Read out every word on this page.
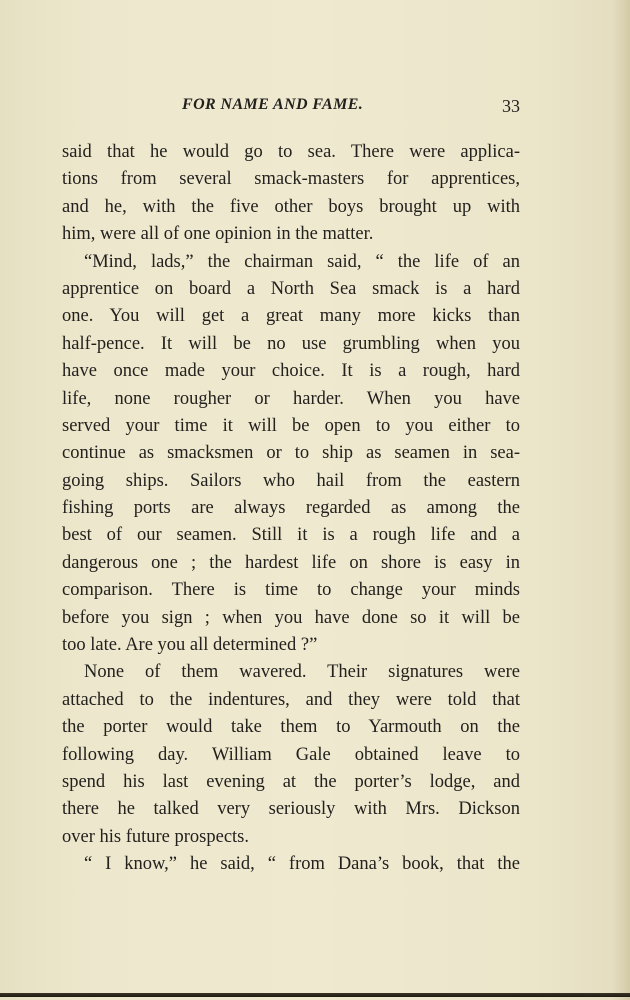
FOR NAME AND FAME.	33
said that he would go to sea. There were applica-
tions from several smack-masters for apprentices,
and he, with the five other boys brought up with
him, were all of one opinion in the matter.
“Mind, lads,” the chairman said, “ the life of an
apprentice on board a North Sea smack is a hard
one. You will get a great many more kicks than
half-pence. It will be no use grumbling when you
have once made your choice. It is a rough, hard
life, none rougher or harder. When you have
served your time it will be open to you either to
continue as smacksmen or to ship as seamen in sea-
going ships. Sailors who hail from the eastern
fishing ports are always regarded as among the
best of our seamen. Still it is a rough life and a
dangerous one ; the hardest life on shore is easy in
comparison. There is time to change your minds
before you sign ; when you have done so it will be
too late. Are you all determined ?”
None of them wavered. Their signatures were
attached to the indentures, and they were told that
the porter would take them to Yarmouth on the
following day. William Gale obtained leave to
spend his last evening at the porter’s lodge, and
there he talked very seriously with Mrs. Dickson
over his future prospects.
“ I know,” he said, “ from Dana’s book, that the
